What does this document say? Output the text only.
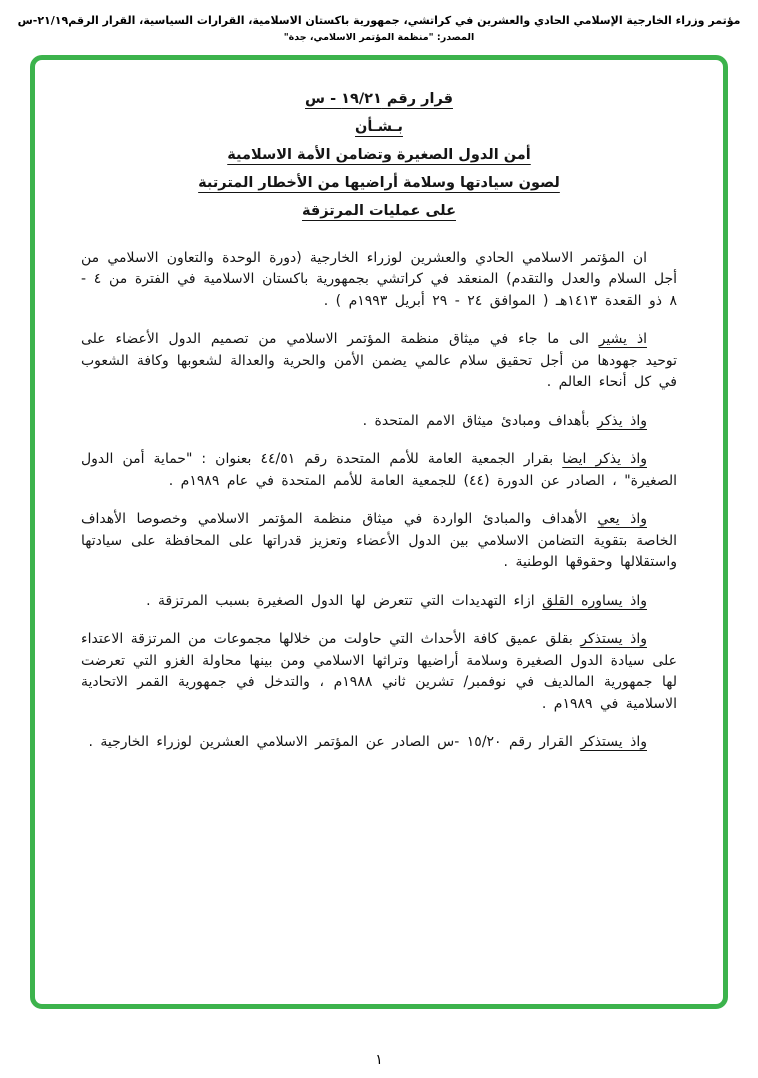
مؤتمر وزراء الخارجية الإسلامي الحادي والعشرين في كراتشي، جمهورية باكستان الاسلامية، القرارات السياسية، القرار الرقم٢١/١٩-س
المصدر: "منظمة المؤتمر الاسلامي، جدة"
قرار رقم ١٩/٢١ - س
بـشـأن
أمن الدول الصغيرة وتضامن الأمة الاسلامية
لصون سيادتها وسلامة أراضيها من الأخطار المترتبة
على عمليات المرتزقة

ان المؤتمر الاسلامي الحادي والعشرين لوزراء الخارجية (دورة الوحدة والتعاون الاسلامي من أجل السلام والعدل والتقدم) المنعقد في كراتشي بجمهورية باكستان الاسلامية في الفترة من ٤ - ٨ ذو القعدة ١٤١٣هـ ( الموافق ٢٤ - ٢٩ أبريل ١٩٩٣م ) .

اذ يشير الى ما جاء في ميثاق منظمة المؤتمر الاسلامي من تصميم الدول الأعضاء على توحيد جهودها من أجل تحقيق سلام عالمي يضمن الأمن والحرية والعدالة لشعوبها وكافة الشعوب في كل أنحاء العالم .

واذ يذكر بأهداف ومبادئ ميثاق الامم المتحدة .

واذ يذكر ايضا بقرار الجمعية العامة للأمم المتحدة رقم ٤٤/٥١ بعنوان : "حماية أمن الدول الصغيرة" ، الصادر عن الدورة (٤٤) للجمعية العامة للأمم المتحدة في عام ١٩٨٩م .

واذ يعي الأهداف والمبادئ الواردة في ميثاق منظمة المؤتمر الاسلامي وخصوصا الأهداف الخاصة بتقوية التضامن الاسلامي بين الدول الأعضاء وتعزيز قدراتها على المحافظة على سيادتها واستقلالها وحقوقها الوطنية .

واذ يساوره القلق ازاء التهديدات التي تتعرض لها الدول الصغيرة بسبب المرتزقة .

واذ يستذكر بقلق عميق كافة الأحداث التي حاولت من خلالها مجموعات من المرتزقة الاعتداء على سيادة الدول الصغيرة وسلامة أراضيها وتراثها الاسلامي ومن بينها محاولة الغزو التي تعرضت لها جمهورية المالديف في نوفمبر/ تشرين ثاني ١٩٨٨م ، والتدخل في جمهورية القمر الاتحادية الاسلامية في ١٩٨٩م .

واذ يستذكر القرار رقم ١٥/٢٠ -س الصادر عن المؤتمر الاسلامي العشرين لوزراء الخارجية .

١
